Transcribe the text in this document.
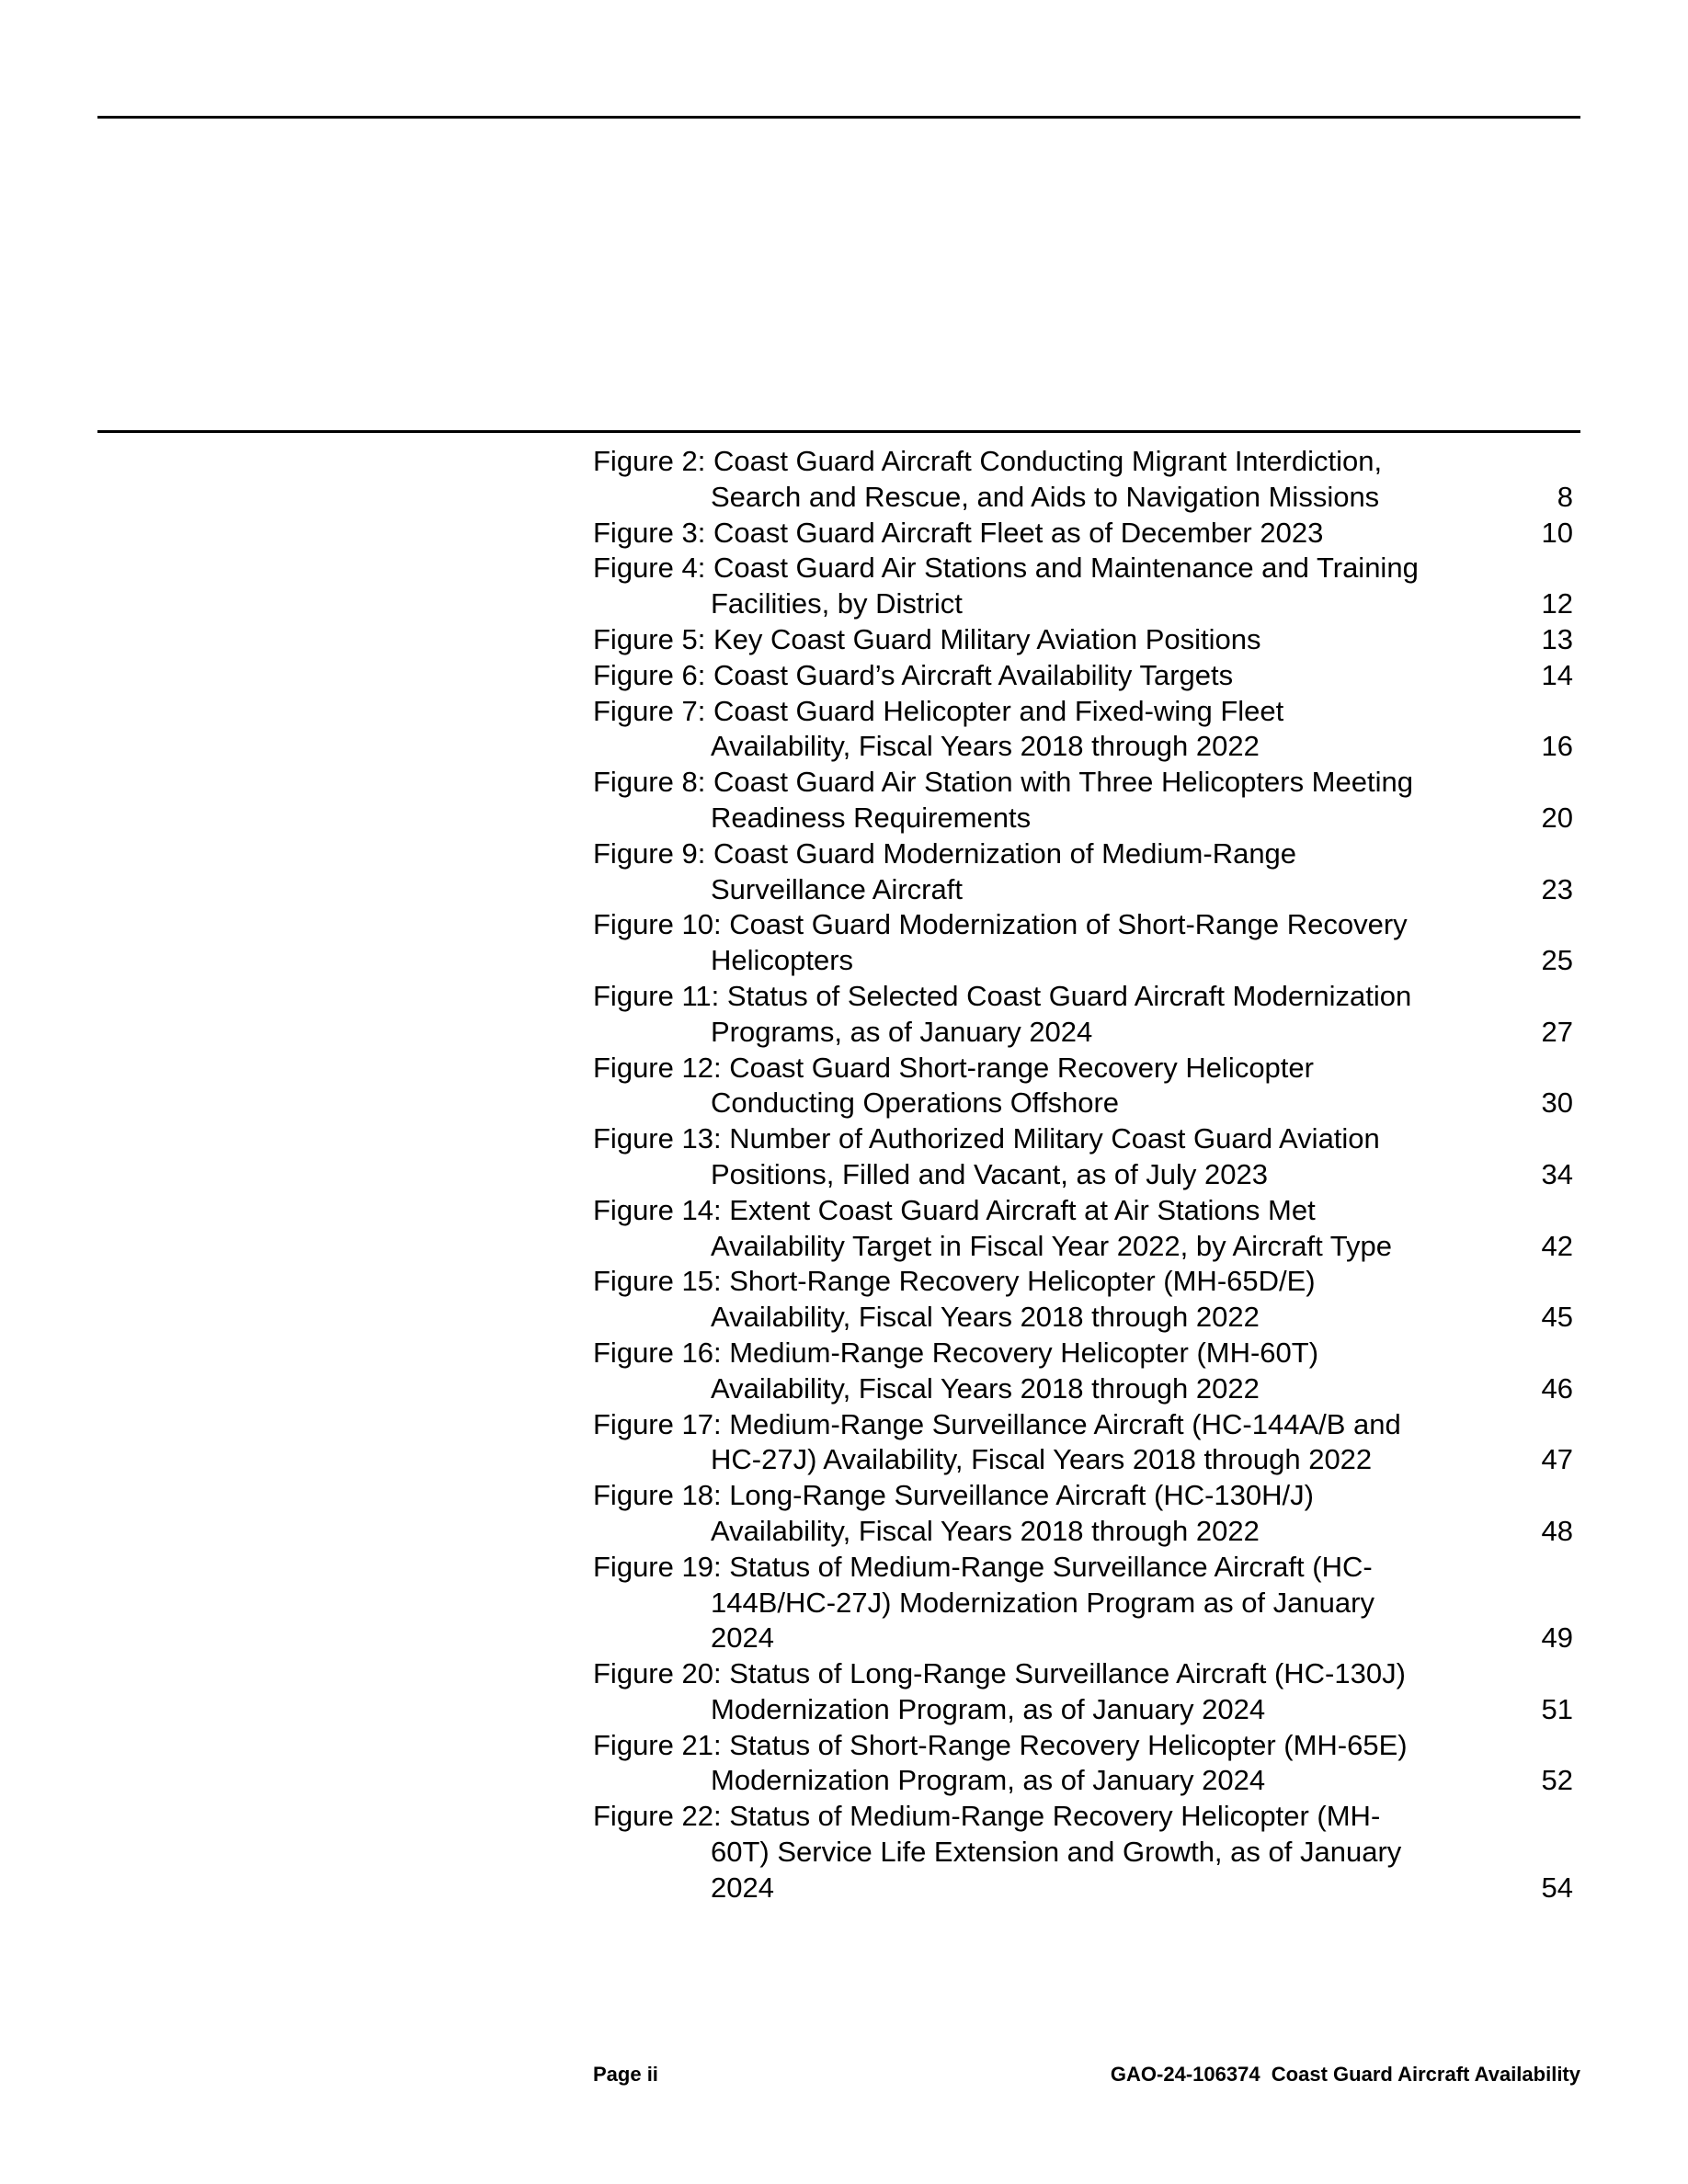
Figure 2: Coast Guard Aircraft Conducting Migrant Interdiction,
Search and Rescue, and Aids to Navigation Missions	8
Figure 3: Coast Guard Aircraft Fleet as of December 2023	10
Figure 4: Coast Guard Air Stations and Maintenance and Training
Facilities, by District	12
Figure 5: Key Coast Guard Military Aviation Positions	13
Figure 6: Coast Guard’s Aircraft Availability Targets	14
Figure 7: Coast Guard Helicopter and Fixed-wing Fleet
Availability, Fiscal Years 2018 through 2022	16
Figure 8: Coast Guard Air Station with Three Helicopters Meeting
Readiness Requirements	20
Figure 9: Coast Guard Modernization of Medium-Range
Surveillance Aircraft	23
Figure 10: Coast Guard Modernization of Short-Range Recovery
Helicopters	25
Figure 11: Status of Selected Coast Guard Aircraft Modernization
Programs, as of January 2024	27
Figure 12: Coast Guard Short-range Recovery Helicopter
Conducting Operations Offshore	30
Figure 13: Number of Authorized Military Coast Guard Aviation
Positions, Filled and Vacant, as of July 2023	34
Figure 14: Extent Coast Guard Aircraft at Air Stations Met
Availability Target in Fiscal Year 2022, by Aircraft Type	42
Figure 15: Short-Range Recovery Helicopter (MH-65D/E)
Availability, Fiscal Years 2018 through 2022	45
Figure 16: Medium-Range Recovery Helicopter (MH-60T)
Availability, Fiscal Years 2018 through 2022	46
Figure 17: Medium-Range Surveillance Aircraft (HC-144A/B and
HC-27J) Availability, Fiscal Years 2018 through 2022	47
Figure 18: Long-Range Surveillance Aircraft (HC-130H/J)
Availability, Fiscal Years 2018 through 2022	48
Figure 19: Status of Medium-Range Surveillance Aircraft (HC-
144B/HC-27J) Modernization Program as of January
2024	49
Figure 20: Status of Long-Range Surveillance Aircraft (HC-130J)
Modernization Program, as of January 2024	51
Figure 21: Status of Short-Range Recovery Helicopter (MH-65E)
Modernization Program, as of January 2024	52
Figure 22: Status of Medium-Range Recovery Helicopter (MH-
60T) Service Life Extension and Growth, as of January
2024	54
Page ii	GAO-24-106374  Coast Guard Aircraft Availability
